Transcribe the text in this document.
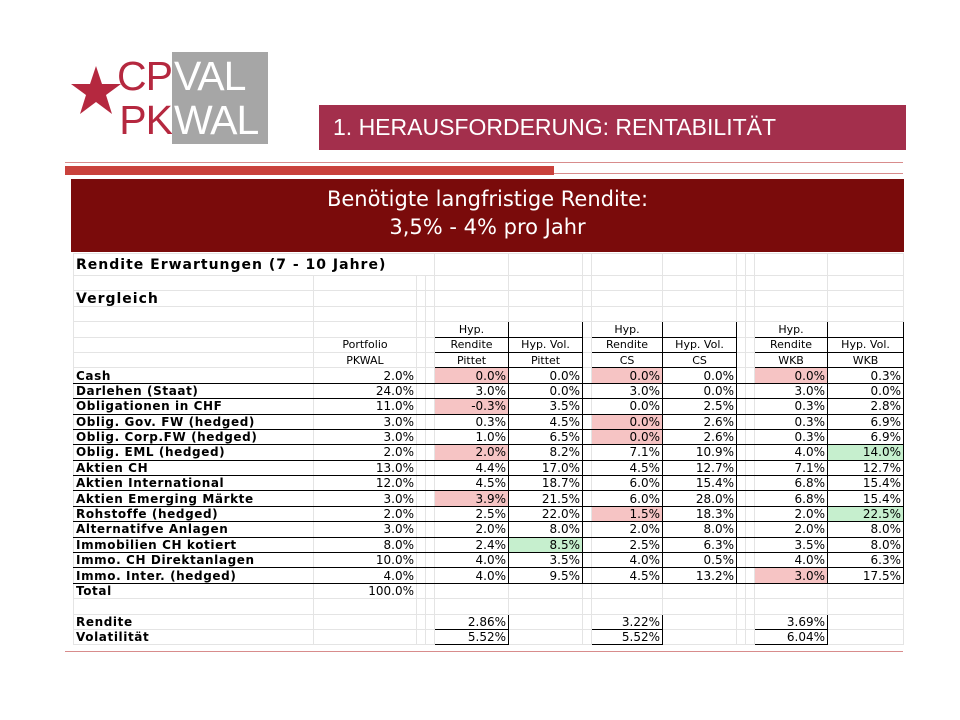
CP
PK
VAL
WAL	1. HERAUSFORDERUNG: RENTABILITÄT
Benötigte langfristige Rendite:
3,5% - 4% pro Jahr
Rendite Erwartungen (7 - 10 Jahre)												

Vergleich												

				Hyp.			Hyp.				Hyp.	
	Portfolio			Rendite	Hyp. Vol.		Rendite	Hyp. Vol.			Rendite	Hyp. Vol.
	PKWAL			Pittet	Pittet		CS	CS			WKB	WKB
Cash	2.0%			0.0%	0.0%		0.0%	0.0%			0.0%	0.3%
Darlehen (Staat)	24.0%			3.0%	0.0%		3.0%	0.0%			3.0%	0.0%
Obligationen in CHF	11.0%			-0.3%	3.5%		0.0%	2.5%			0.3%	2.8%
Oblig. Gov. FW (hedged)	3.0%			0.3%	4.5%		0.0%	2.6%			0.3%	6.9%
Oblig. Corp.FW (hedged)	3.0%			1.0%	6.5%		0.0%	2.6%			0.3%	6.9%
Oblig. EML (hedged)	2.0%			2.0%	8.2%		7.1%	10.9%			4.0%	14.0%
Aktien CH	13.0%			4.4%	17.0%		4.5%	12.7%			7.1%	12.7%
Aktien International	12.0%			4.5%	18.7%		6.0%	15.4%			6.8%	15.4%
Aktien Emerging Märkte	3.0%			3.9%	21.5%		6.0%	28.0%			6.8%	15.4%
Rohstoffe (hedged)	2.0%			2.5%	22.0%		1.5%	18.3%			2.0%	22.5%
Alternatifve Anlagen	3.0%			2.0%	8.0%		2.0%	8.0%			2.0%	8.0%
Immobilien CH kotiert	8.0%			2.4%	8.5%		2.5%	6.3%			3.5%	8.0%
Immo. CH Direktanlagen	10.0%			4.0%	3.5%		4.0%	0.5%			4.0%	6.3%
Immo. Inter. (hedged)	4.0%			4.0%	9.5%		4.5%	13.2%			3.0%	17.5%
Total	100.0%											

Rendite				2.86%			3.22%				3.69%	
Volatilität				5.52%			5.52%				6.04%	
